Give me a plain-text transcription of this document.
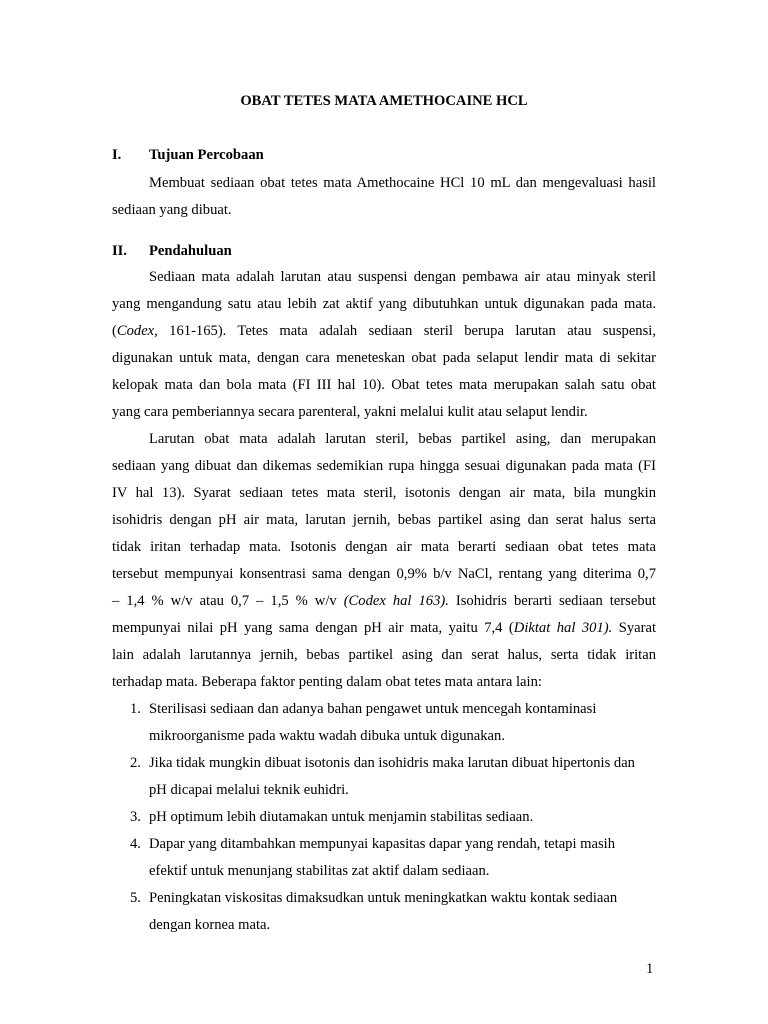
OBAT TETES MATA AMETHOCAINE HCL

I. Tujuan Percobaan

Membuat sediaan obat tetes mata Amethocaine HCl 10 mL dan mengevaluasi hasil
sediaan yang dibuat.

II. Pendahuluan

Sediaan mata adalah larutan atau suspensi dengan pembawa air atau minyak steril
yang mengandung satu atau lebih zat aktif yang dibutuhkan untuk digunakan pada mata.
(Codex, 161-165). Tetes mata adalah sediaan steril berupa larutan atau suspensi,
digunakan untuk mata, dengan cara meneteskan obat pada selaput lendir mata di sekitar
kelopak mata dan bola mata (FI III hal 10). Obat tetes mata merupakan salah satu obat
yang cara pemberiannya secara parenteral, yakni melalui kulit atau selaput lendir.
Larutan obat mata adalah larutan steril, bebas partikel asing, dan merupakan
sediaan yang dibuat dan dikemas sedemikian rupa hingga sesuai digunakan pada mata (FI
IV hal 13). Syarat sediaan tetes mata steril, isotonis dengan air mata, bila mungkin
isohidris dengan pH air mata, larutan jernih, bebas partikel asing dan serat halus serta
tidak iritan terhadap mata. Isotonis dengan air mata berarti sediaan obat tetes mata
tersebut mempunyai konsentrasi sama dengan 0,9% b/v NaCl, rentang yang diterima 0,7
– 1,4 % w/v atau 0,7 – 1,5 % w/v (Codex hal 163). Isohidris berarti sediaan tersebut
mempunyai nilai pH yang sama dengan pH air mata, yaitu 7,4 (Diktat hal 301). Syarat
lain adalah larutannya jernih, bebas partikel asing dan serat halus, serta tidak iritan
terhadap mata. Beberapa faktor penting dalam obat tetes mata antara lain:
1. Sterilisasi sediaan dan adanya bahan pengawet untuk mencegah kontaminasi
mikroorganisme pada waktu wadah dibuka untuk digunakan.
2. Jika tidak mungkin dibuat isotonis dan isohidris maka larutan dibuat hipertonis dan
pH dicapai melalui teknik euhidri.
3. pH optimum lebih diutamakan untuk menjamin stabilitas sediaan.
4. Dapar yang ditambahkan mempunyai kapasitas dapar yang rendah, tetapi masih
efektif untuk menunjang stabilitas zat aktif dalam sediaan.
5. Peningkatan viskositas dimaksudkan untuk meningkatkan waktu kontak sediaan
dengan kornea mata.
1
